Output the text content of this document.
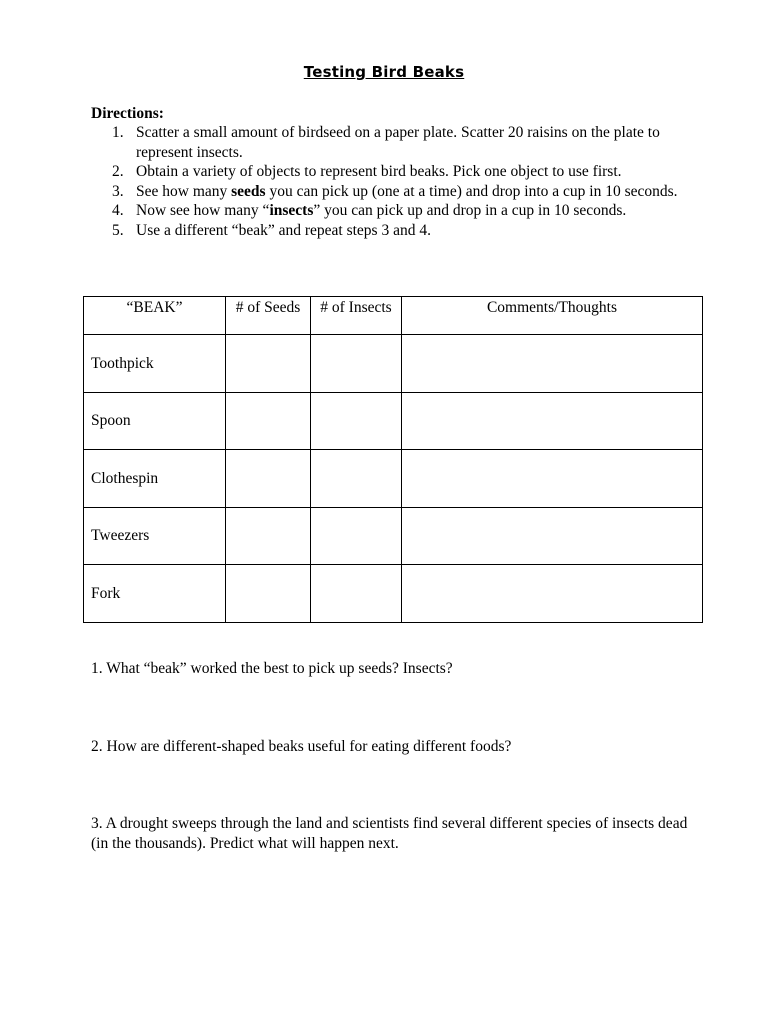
Testing Bird Beaks
Directions:
1. Scatter a small amount of birdseed on a paper plate. Scatter 20 raisins on the plate to represent insects.
2. Obtain a variety of objects to represent bird beaks. Pick one object to use first.
3. See how many seeds you can pick up (one at a time) and drop into a cup in 10 seconds.
4. Now see how many “insects” you can pick up and drop in a cup in 10 seconds.
5. Use a different “beak” and repeat steps 3 and 4.
“BEAK”	# of Seeds	# of Insects	Comments/Thoughts
Toothpick			
Spoon			
Clothespin			
Tweezers			
Fork			
1. What “beak” worked the best to pick up seeds? Insects?
2. How are different-shaped beaks useful for eating different foods?
3. A drought sweeps through the land and scientists find several different species of insects dead (in the thousands). Predict what will happen next.
